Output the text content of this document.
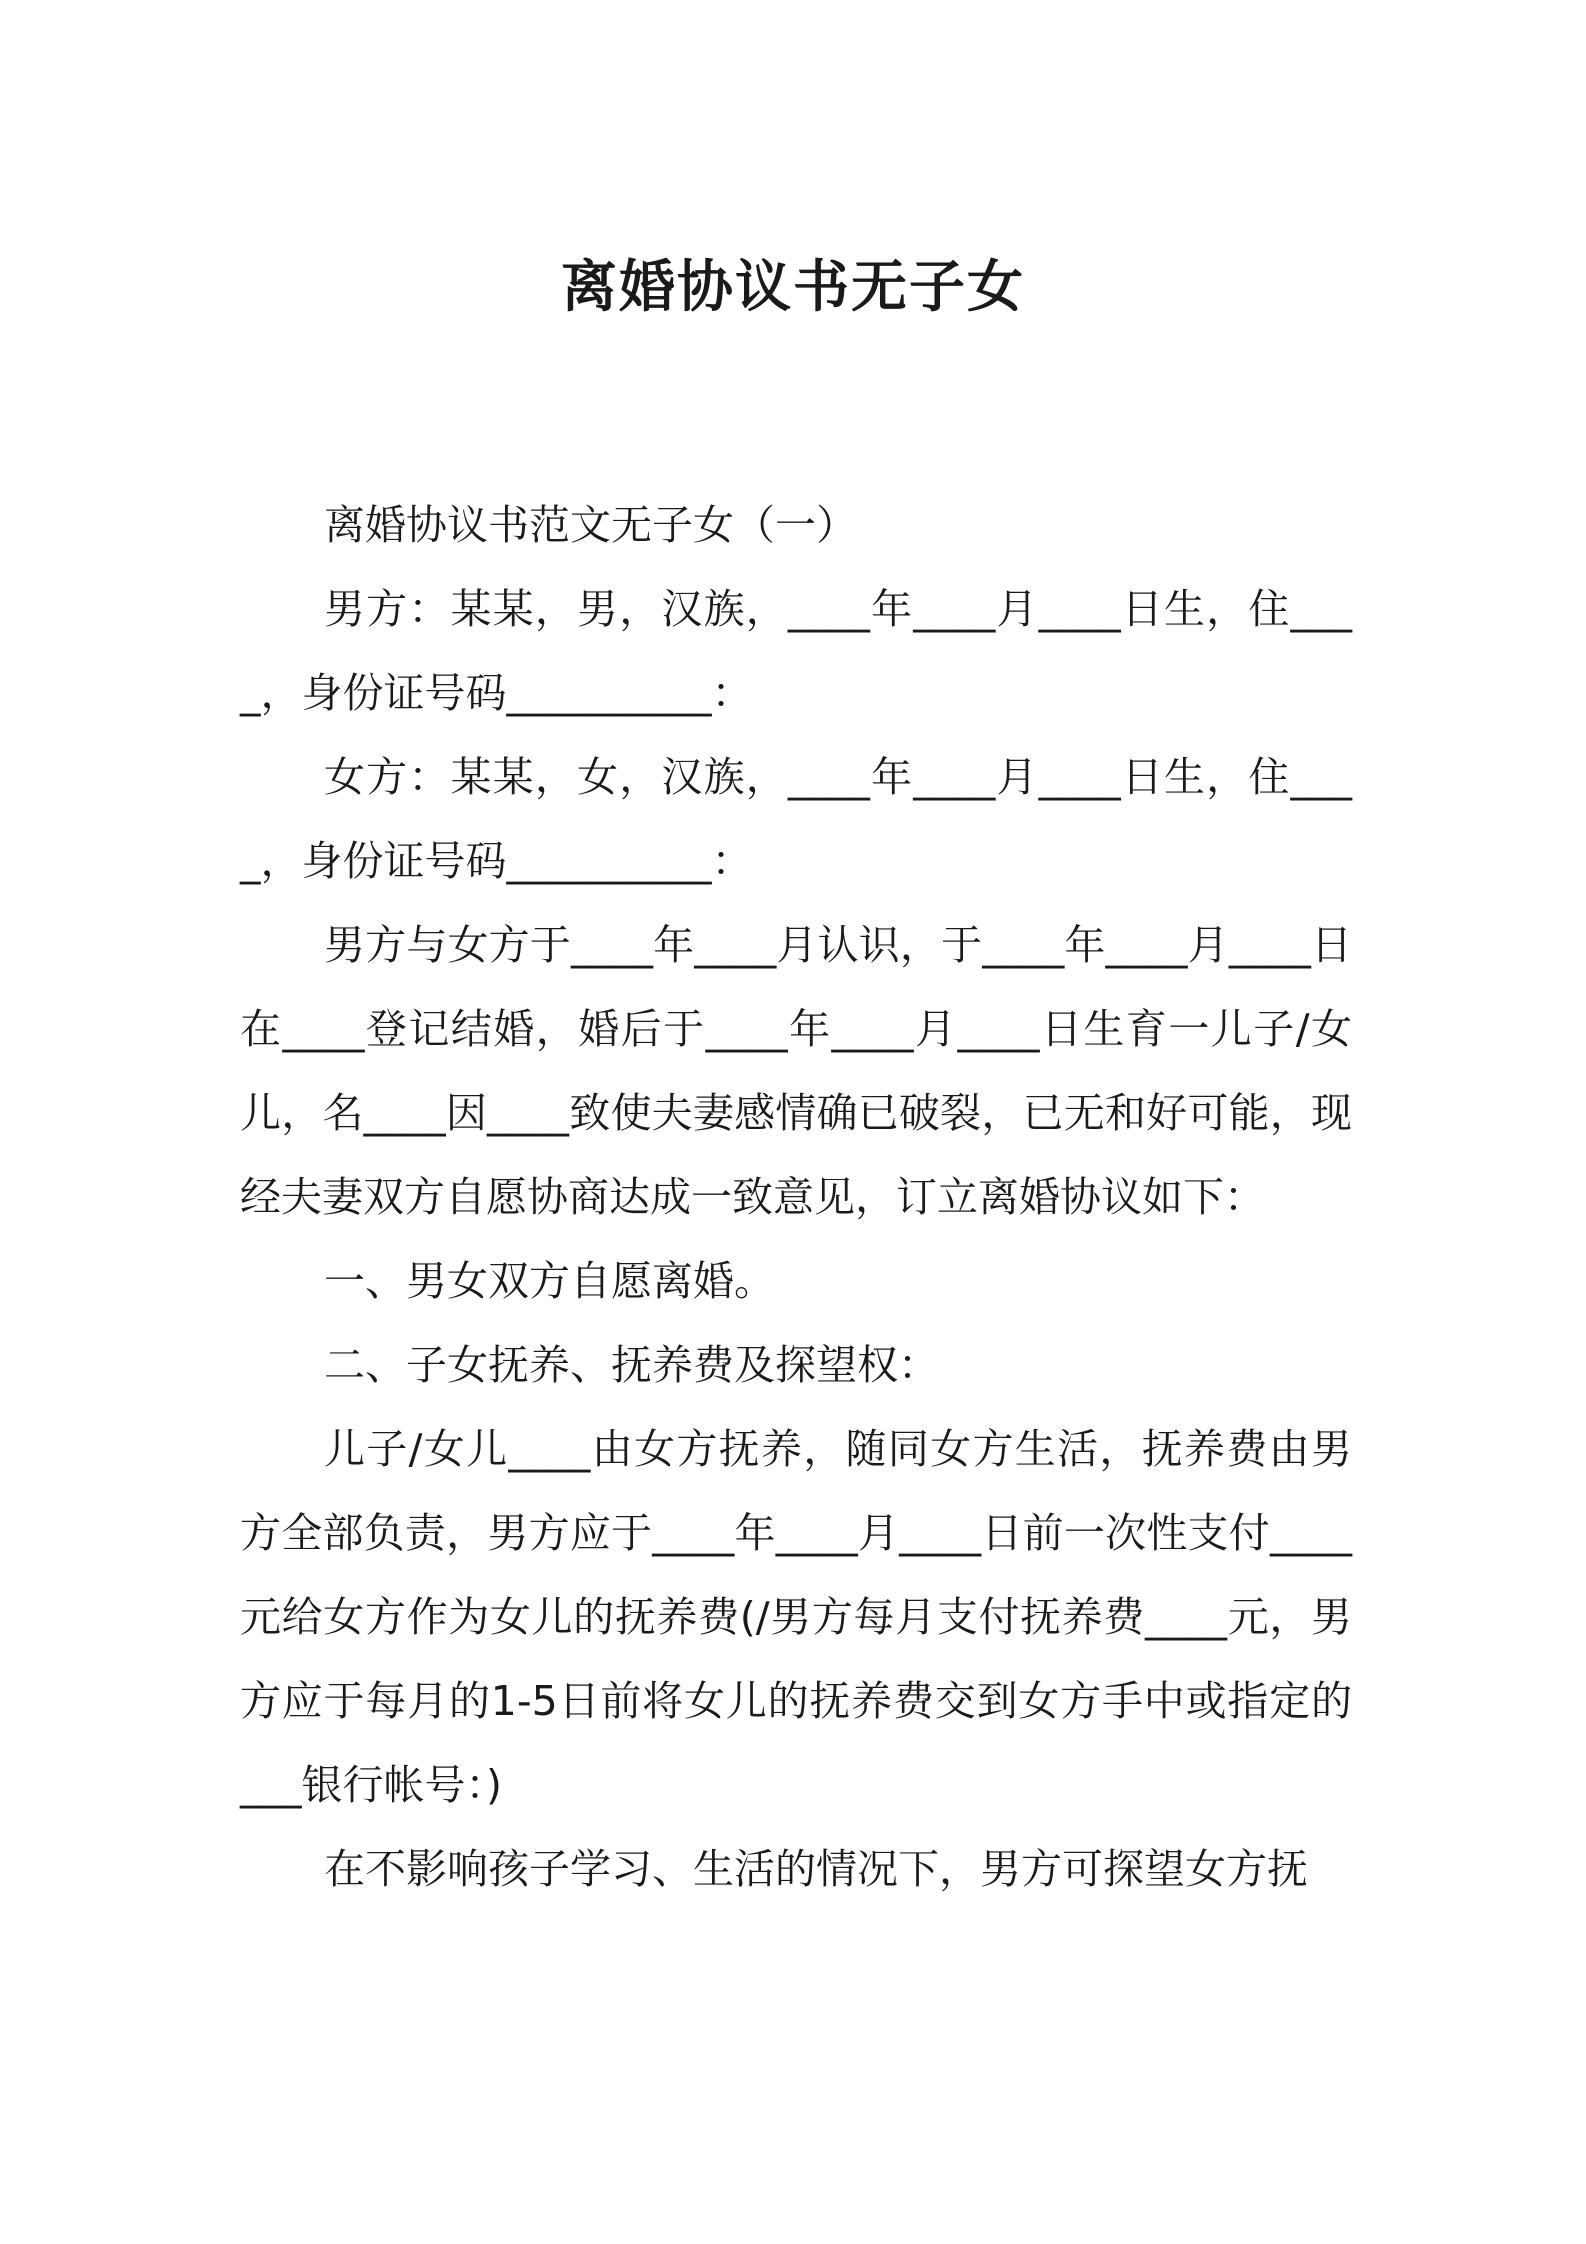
离婚协议书无子女

离婚协议书范文无子女（一）

男方：某某，男，汉族，____年____月____日生，住____，身份证号码__________：

女方：某某，女，汉族，____年____月____日生，住____，身份证号码__________：

男方与女方于____年____月认识，于____年____月____日在____登记结婚，婚后于____年____月____日生育一儿子/女儿，名____因____致使夫妻感情确已破裂，已无和好可能，现经夫妻双方自愿协商达成一致意见，订立离婚协议如下：

一、男女双方自愿离婚。

二、子女抚养、抚养费及探望权：

儿子/女儿____由女方抚养，随同女方生活，抚养费由男方全部负责，男方应于____年____月____日前一次性支付____元给女方作为女儿的抚养费(/男方每月支付抚养费____元，男方应于每月的1-5日前将女儿的抚养费交到女方手中或指定的___银行帐号：)

在不影响孩子学习、生活的情况下，男方可探望女方抚
